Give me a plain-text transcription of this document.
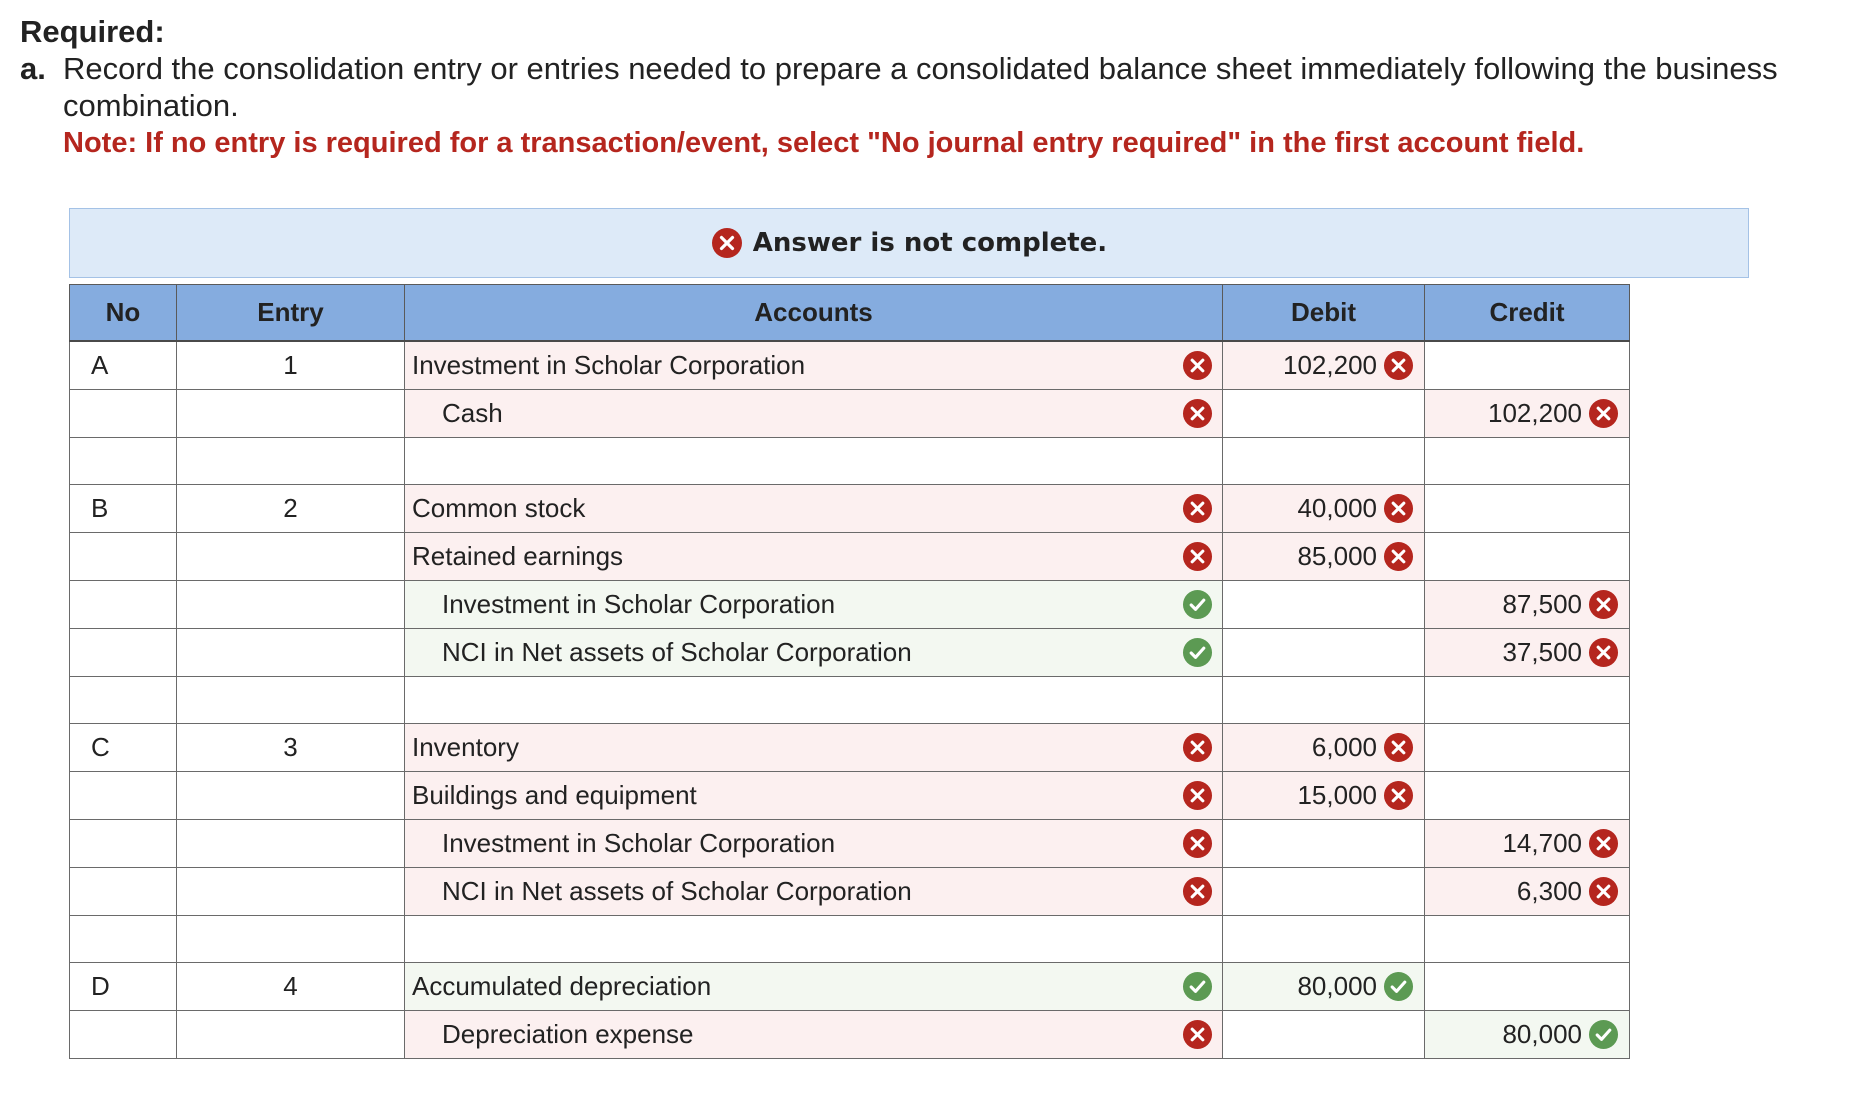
Required:
a. Record the consolidation entry or entries needed to prepare a consolidated balance sheet immediately following the business combination.
Note: If no entry is required for a transaction/event, select "No journal entry required" in the first account field.
Answer is not complete.
No	Entry	Accounts	Debit	Credit
A	1	Investment in Scholar Corporation	102,200	

		Cash		102,200

B	2	Common stock	40,000	

		Retained earnings	85,000	

		Investment in Scholar Corporation		87,500

		NCI in Net assets of Scholar Corporation		37,500

C	3	Inventory	6,000	

		Buildings and equipment	15,000	

		Investment in Scholar Corporation		14,700

		NCI in Net assets of Scholar Corporation		6,300

D	4	Accumulated depreciation	80,000	

		Depreciation expense		80,000
